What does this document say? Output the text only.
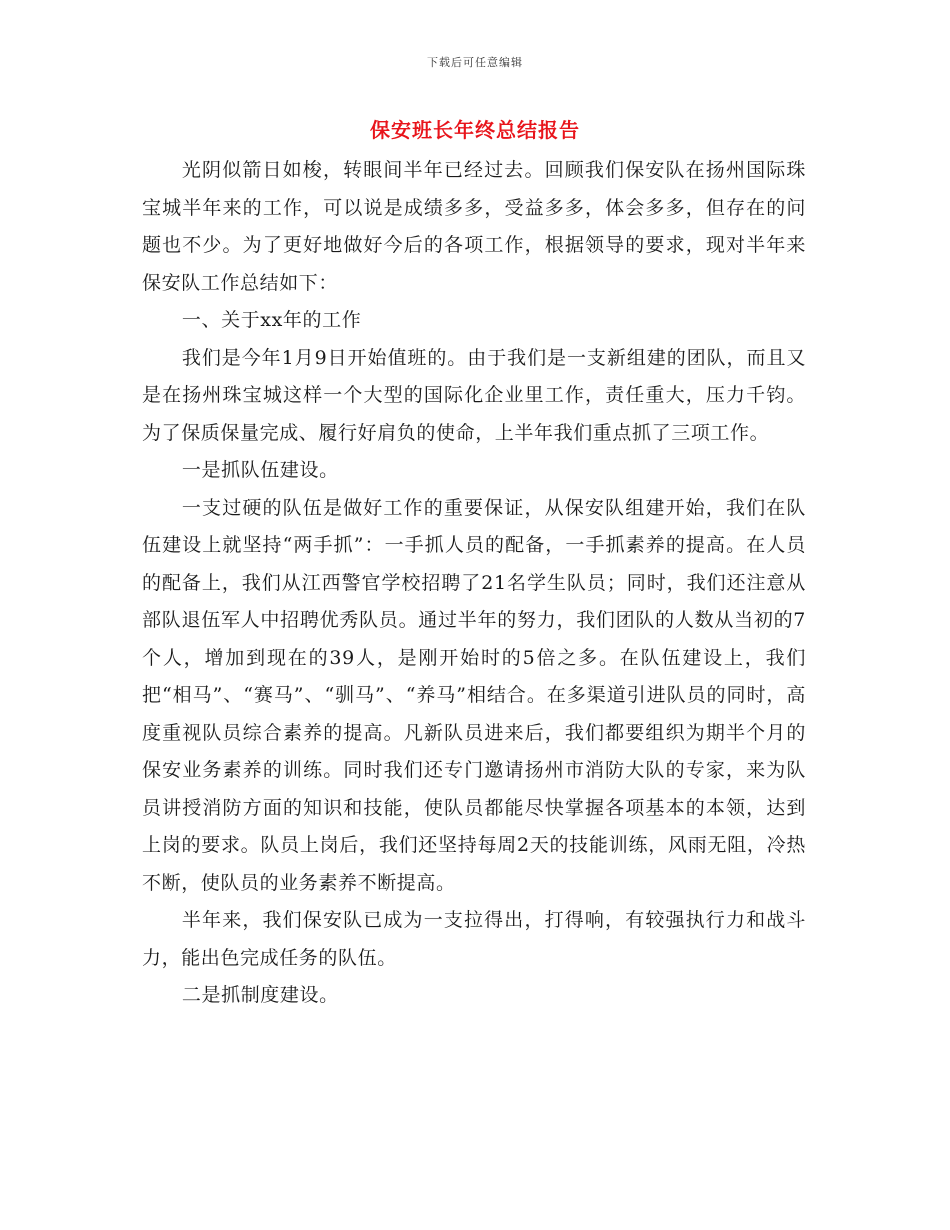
下载后可任意编辑
保安班长年终总结报告

光阴似箭日如梭，转眼间半年已经过去。回顾我们保安队在扬州国际珠宝城半年来的工作，可以说是成绩多多，受益多多，体会多多，但存在的问题也不少。为了更好地做好今后的各项工作，根据领导的要求，现对半年来保安队工作总结如下：

一、关于xx年的工作

我们是今年1月9日开始值班的。由于我们是一支新组建的团队，而且又是在扬州珠宝城这样一个大型的国际化企业里工作，责任重大，压力千钧。为了保质保量完成、履行好肩负的使命，上半年我们重点抓了三项工作。

一是抓队伍建设。

一支过硬的队伍是做好工作的重要保证，从保安队组建开始，我们在队伍建设上就坚持“两手抓”：一手抓人员的配备，一手抓素养的提高。在人员的配备上，我们从江西警官学校招聘了21名学生队员；同时，我们还注意从部队退伍军人中招聘优秀队员。通过半年的努力，我们团队的人数从当初的7个人，增加到现在的39人，是刚开始时的5倍之多。在队伍建设上，我们把“相马”、“赛马”、“驯马”、“养马”相结合。在多渠道引进队员的同时，高度重视队员综合素养的提高。凡新队员进来后，我们都要组织为期半个月的保安业务素养的训练。同时我们还专门邀请扬州市消防大队的专家，来为队员讲授消防方面的知识和技能，使队员都能尽快掌握各项基本的本领，达到上岗的要求。队员上岗后，我们还坚持每周2天的技能训练，风雨无阻，冷热不断，使队员的业务素养不断提高。

半年来，我们保安队已成为一支拉得出，打得响，有较强执行力和战斗力，能出色完成任务的队伍。

二是抓制度建设。
